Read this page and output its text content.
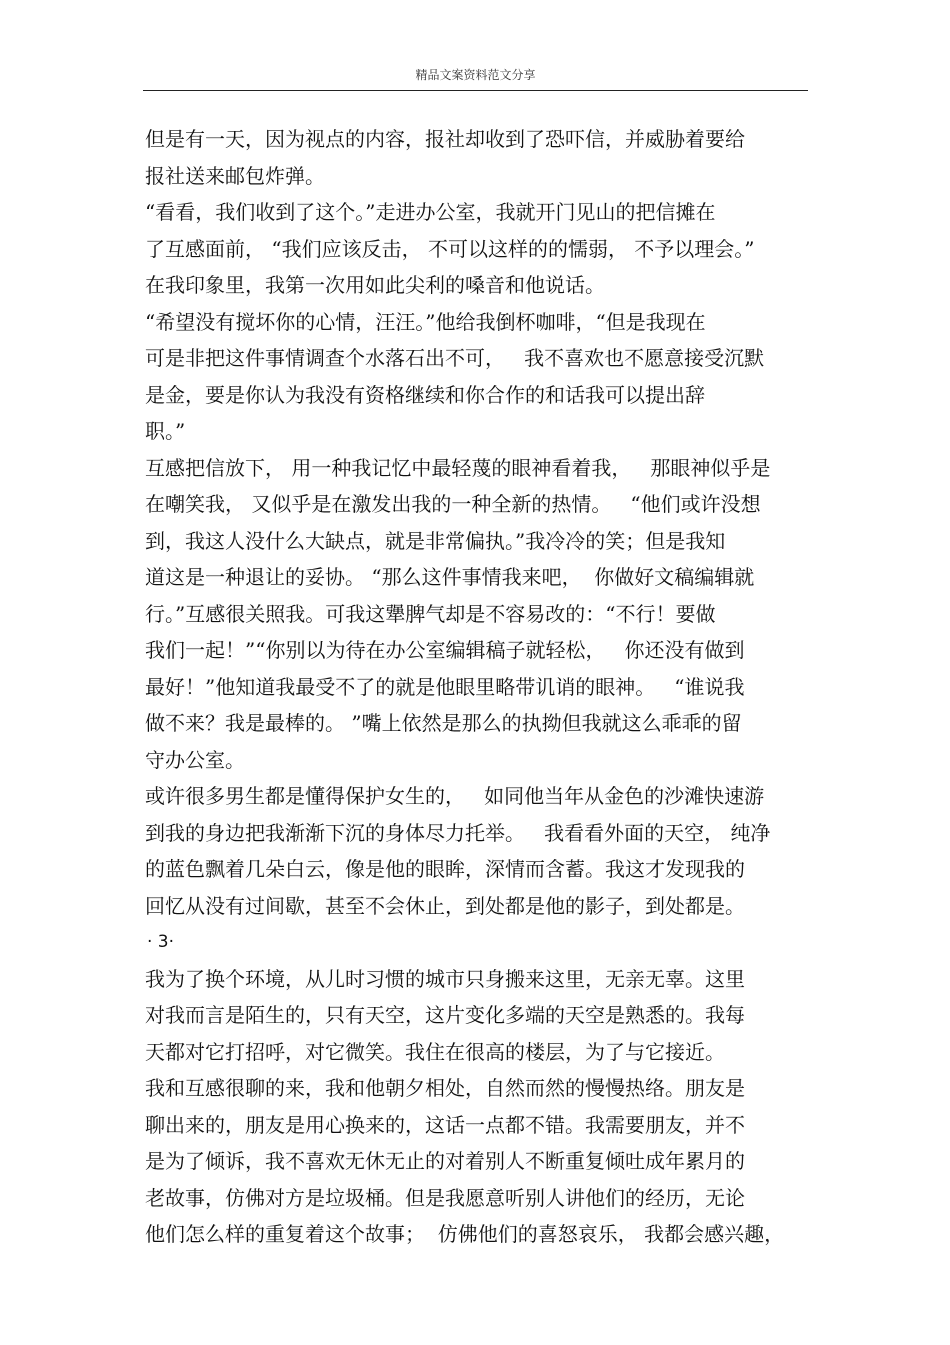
精品文案资料范文分享
但是有一天，因为视点的内容，报社却收到了恐吓信，并威胁着要给
报社送来邮包炸弹。
“看看，我们收到了这个。”走进办公室，我就开门见山的把信摊在
了互感面前， “我们应该反击， 不可以这样的的懦弱， 不予以理会。”
在我印象里，我第一次用如此尖利的嗓音和他说话。
“希望没有搅坏你的心情，汪汪。”他给我倒杯咖啡，“但是我现在
可是非把这件事情调查个水落石出不可，   我不喜欢也不愿意接受沉默
是金，要是你认为我没有资格继续和你合作的和话我可以提出辞
职。”
互感把信放下， 用一种我记忆中最轻蔑的眼神看着我，   那眼神似乎是
在嘲笑我， 又似乎是在激发出我的一种全新的热情。   “他们或许没想
到，我这人没什么大缺点，就是非常偏执。”我冷冷的笑；但是我知
道这是一种退让的妥协。 “那么这件事情我来吧，  你做好文稿编辑就
行。”互感很关照我。可我这犟脾气却是不容易改的：“不行！要做
我们一起！”“你别以为待在办公室编辑稿子就轻松，   你还没有做到
最好！”他知道我最受不了的就是他眼里略带讥诮的眼神。   “谁说我
做不来？我是最棒的。 ”嘴上依然是那么的执拗但我就这么乖乖的留
守办公室。
或许很多男生都是懂得保护女生的，   如同他当年从金色的沙滩快速游
到我的身边把我渐渐下沉的身体尽力托举。   我看看外面的天空， 纯净
的蓝色飘着几朵白云，像是他的眼眸，深情而含蓄。我这才发现我的
回忆从没有过间歇，甚至不会休止，到处都是他的影子，到处都是。
· 3·
我为了换个环境，从儿时习惯的城市只身搬来这里，无亲无辜。这里
对我而言是陌生的，只有天空，这片变化多端的天空是熟悉的。我每
天都对它打招呼，对它微笑。我住在很高的楼层，为了与它接近。
我和互感很聊的来，我和他朝夕相处，自然而然的慢慢热络。朋友是
聊出来的，朋友是用心换来的，这话一点都不错。我需要朋友，并不
是为了倾诉，我不喜欢无休无止的对着别人不断重复倾吐成年累月的
老故事，仿佛对方是垃圾桶。但是我愿意听别人讲他们的经历，无论
他们怎么样的重复着这个故事；  仿佛他们的喜怒哀乐， 我都会感兴趣，
